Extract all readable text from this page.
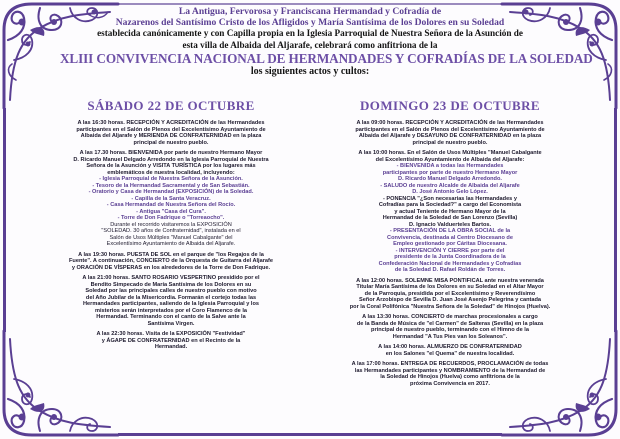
La Antigua, Fervorosa y Franciscana Hermandad y Cofradía de
Nazarenos del Santísimo Cristo de los Afligidos y María Santísima de los Dolores en su Soledad
establecida canónicamente y con Capilla propia en la Iglesia Parroquial de Nuestra Señora de la Asunción de
esta villa de Albaida del Aljarafe, celebrará como anfitriona de la
XLIII CONVIVENCIA NACIONAL DE HERMANDADES Y COFRADÍAS DE LA SOLEDAD
los siguientes actos y cultos:
SÁBADO 22 DE OCTUBRE
A las 16:30 horas. RECEPCIÓN Y ACREDITACIÓN de las Hermandades
participantes en el Salón de Plenos del Excelentísimo Ayuntamiento de
Albaida del Aljarafe y MERIENDA DE CONFRATERNIDAD en la plaza
principal de nuestro pueblo.
A las 17.30 horas. BIENVENIDA por parte de nuestro Hermano Mayor
D. Ricardo Manuel Delgado Arredondo en la Iglesia Parroquial de Nuestra
Señora de la Asunción y VISITA TURÍSTICA por los lugares más
emblemáticos de nuestra localidad, incluyendo:
- Iglesia Parroquial de Nuestra Señora de la Asunción.
- Tesoro de la Hermandad Sacramental y de San Sebastián.
- Oratorio y Casa de Hermandad (EXPOSICIÓN) de la Soledad.
- Capilla de la Santa Veracruz.
- Casa Hermandad de Nuestra Señora del Rocío.
- Antigua "Casa del Cura".
- Torre de Don Fadrique o "Torreaocho".
Durante el recorrido visitaremos la EXPOSICIÓN
"SOLEDAD. 30 años de Confraternidad", instalada en el
Salón de Usos Múltiples "Manuel Cabalgante" del
Excelentísimo Ayuntamiento de Albaida del Aljarafe.
A las 19:30 horas. PUESTA DE SOL en el parque de "los Regajos de la
Fuente". A continuación, CONCIERTO de la Orquesta de Guitarra del Aljarafe
y ORACIÓN DE VÍSPERAS en los alrededores de la Torre de Don Fadrique.
A las 21:00 horas. SANTO ROSARIO VESPERTINO presidido por el
Bendito Simpecado de María Santísima de los Dolores en su
Soledad por las principales calles de nuestro pueblo con motivo
del Año Jubilar de la Misericordia. Formarán el cortejo todas las
Hermandades participantes, saliendo de la Iglesia Parroquial y los
misterios serán interpretados por el Coro Flamenco de la
Hermandad. Terminando con el canto de la Salve ante la
Santísima Virgen.
A las 22:30 horas. Visita de la EXPOSICIÓN "Festividad"
y ÁGAPE DE CONFRATERNIDAD en el Recinto de la
Hermandad.
DOMINGO 23 DE OCTUBRE
A las 09:00 horas. RECEPCIÓN Y ACREDITACIÓN de las Hermandades
participantes en el Salón de Plenos del Excelentísimo Ayuntamiento de
Albaida del Aljarafe y DESAYUNO DE CONFRATERNIDAD en la plaza
principal de nuestro pueblo.
A las 10:00 horas. En el Salón de Usos Múltiples "Manuel Cabalgante
del Excelentísimo Ayuntamiento de Albaida del Aljarafe:
- BIENVENIDA a todas las Hermandades
participantes por parte de nuestro Hermano Mayor
D. Ricardo Manuel Delgado Arredondo.
- SALUDO de nuestro Alcalde de Albaida del Aljarafe
D. José Antonio Gelo López.
- PONENCIA "¿Son necesarias las Hermandades y
Cofradías para la Sociedad?" a cargo del Economista
y actual Teniente de Hermano Mayor de la
Hermandad de la Soledad de San Lorenzo (Sevilla)
D. Ignacio Valduerteles Bartos.
- PRESENTACIÓN DE LA OBRA SOCIAL de la
Convivencia, destinada al Centro Diocesano de
Empleo gestionado por Cáritas Diocesana.
- INTERVENCIÓN Y CIERRE por parte del
presidente de la Junta Coordinadora de la
Confederación Nacional de Hermandades y Cofradías
de la Soledad D. Rafael Roldán de Torres.
A las 12:00 horas. SOLEMNE MISA PONTIFICAL ante nuestra venerada
Titular María Santísima de los Dolores en su Soledad en el Altar Mayor
de la Parroquia, presidida por el Excelentísimo y Reverendísimo
Señor Arzobispo de Sevilla D. Juan José Asenjo Pelegrina y cantada
por la Coral Polifónica "Nuestra Señora de la Soledad" de Hinojos (Huelva).
A las 13:30 horas. CONCIERTO de marchas procesionales a cargo
de la Banda de Música de "el Carmen" de Salteras (Sevilla) en la plaza
principal de nuestro pueblo, terminando con el Himno de la
Hermandad "A Tus Pies van los Soleanos".
A las 14:00 horas. ALMUERZO DE CONFRATERNIDAD
en los Salones "el Quema" de nuestra localidad.
A las 17:00 horas. ENTREGA DE RECUERDOS, PROCLAMACIÓN de todas
las Hermandades participantes y NOMBRAMIENTO de la Hermandad de
la Soledad de Hinojos (Huelva) como anfitriona de la
próxima Convivencia en 2017.
